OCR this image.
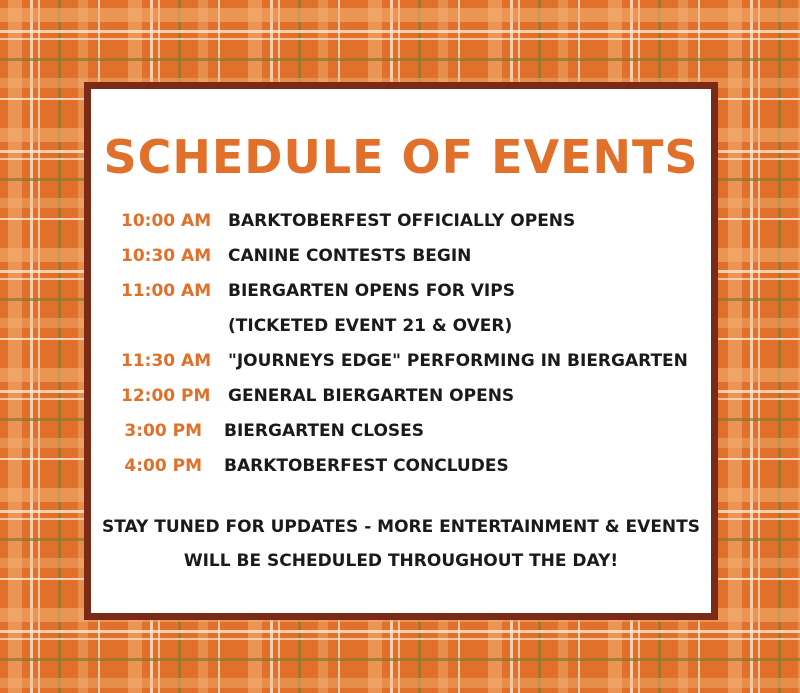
SCHEDULE OF EVENTS
10:00 AM BARKTOBERFEST OFFICIALLY OPENS
10:30 AM CANINE CONTESTS BEGIN
11:00 AM BIERGARTEN OPENS FOR VIPS
(TICKETED EVENT 21 & OVER)
11:30 AM "JOURNEYS EDGE" PERFORMING IN BIERGARTEN
12:00 PM GENERAL BIERGARTEN OPENS
3:00 PM BIERGARTEN CLOSES
4:00 PM BARKTOBERFEST CONCLUDES
STAY TUNED FOR UPDATES - MORE ENTERTAINMENT & EVENTS
WILL BE SCHEDULED THROUGHOUT THE DAY!
